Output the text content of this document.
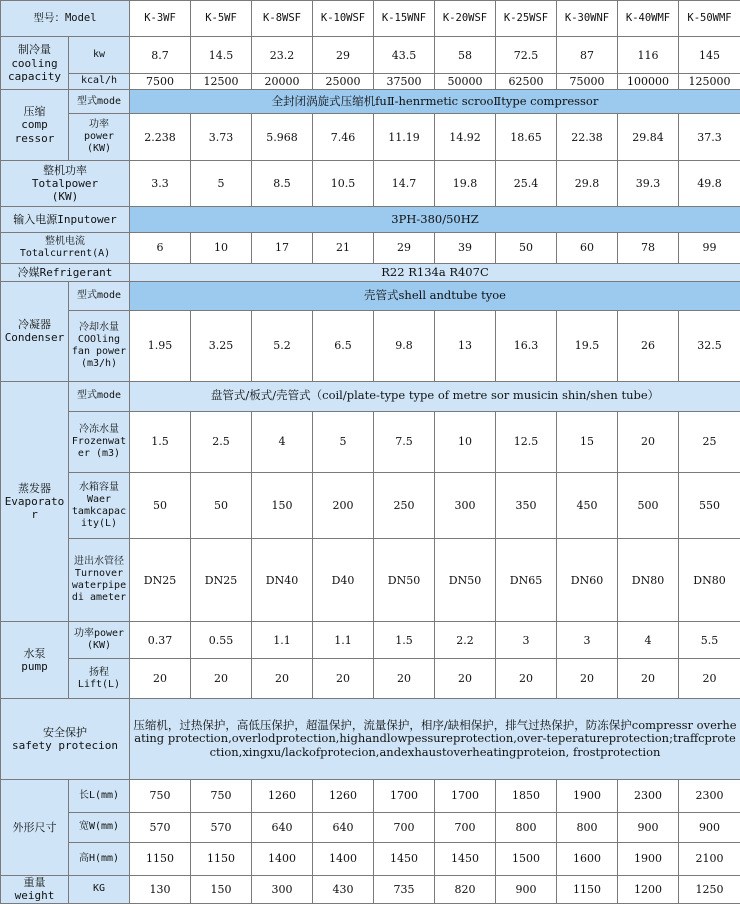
型号：Model		K-3WF	K-5WF	K-8WSF	K-10WSF	K-15WNF	K-20WSF	K-25WSF	K-30WNF	K-40WMF	K-50WMF
制冷量
cooling
capacity	kw	8.7	14.5	23.2	29	43.5	58	72.5	87	116	145
	kcal/h	7500	12500	20000	25000	37500	50000	62500	75000	100000	125000
压缩
comp
ressor	型式mode	全封闭涡旋式压缩机fuⅡ-henrmetic scrooⅡtype compressor									
	功率
power
(KW)	2.238	3.73	5.968	7.46	11.19	14.92	18.65	22.38	29.84	37.3
整机功率
Totalpower
(KW)		3.3	5	8.5	10.5	14.7	19.8	25.4	29.8	39.3	49.8
输入电源Inputower		3PH-380/50HZ									
整机电流
Totalcurrent(A)		6	10	17	21	29	39	50	60	78	99
冷媒Refrigerant		R22 R134a R407C									
冷凝器
Condenser	型式mode	壳管式shell andtube tyoe									
	冷却水量
COOling
fan power
(m3/h)	1.95	3.25	5.2	6.5	9.8	13	16.3	19.5	26	32.5
蒸发器
Evaporator	型式mode	盘管式/板式/壳管式（coil/plate-type type of metre sor musicin shin/shen tube）									
	冷冻水量
Frozenwat
er (m3)	1.5	2.5	4	5	7.5	10	12.5	15	20	25
	水箱容量
Waer
tamkcapac
ity(L)	50	50	150	200	250	300	350	450	500	550
	进出水管径
Turnover
waterpipe
di ameter	DN25	DN25	DN40	D40	DN50	DN50	DN65	DN60	DN80	DN80
水泵
pump	功率power
(KW)	0.37	0.55	1.1	1.1	1.5	2.2	3	3	4	5.5
	扬程
Lift(L)	20	20	20	20	20	20	20	20	20	20
安全保护
safety protecion		压缩机，过热保护，高低压保护，超温保护，流量保护，相序/缺相保护，排气过热保护，防冻保护compressr overheating protection,overlodprotection,highandlowpessureprotection,over-teperatureprotection;traffcprotection,xingxu/lackofprotecion,andexhaustoverheatingproteion, frostprotection									
外形尺寸	长L(mm)	750	750	1260	1260	1700	1700	1850	1900	2300	2300
	宽W(mm)	570	570	640	640	700	700	800	800	900	900
	高H(mm)	1150	1150	1400	1400	1450	1450	1500	1600	1900	2100
重量
weight	KG	130	150	300	430	735	820	900	1150	1200	1250
